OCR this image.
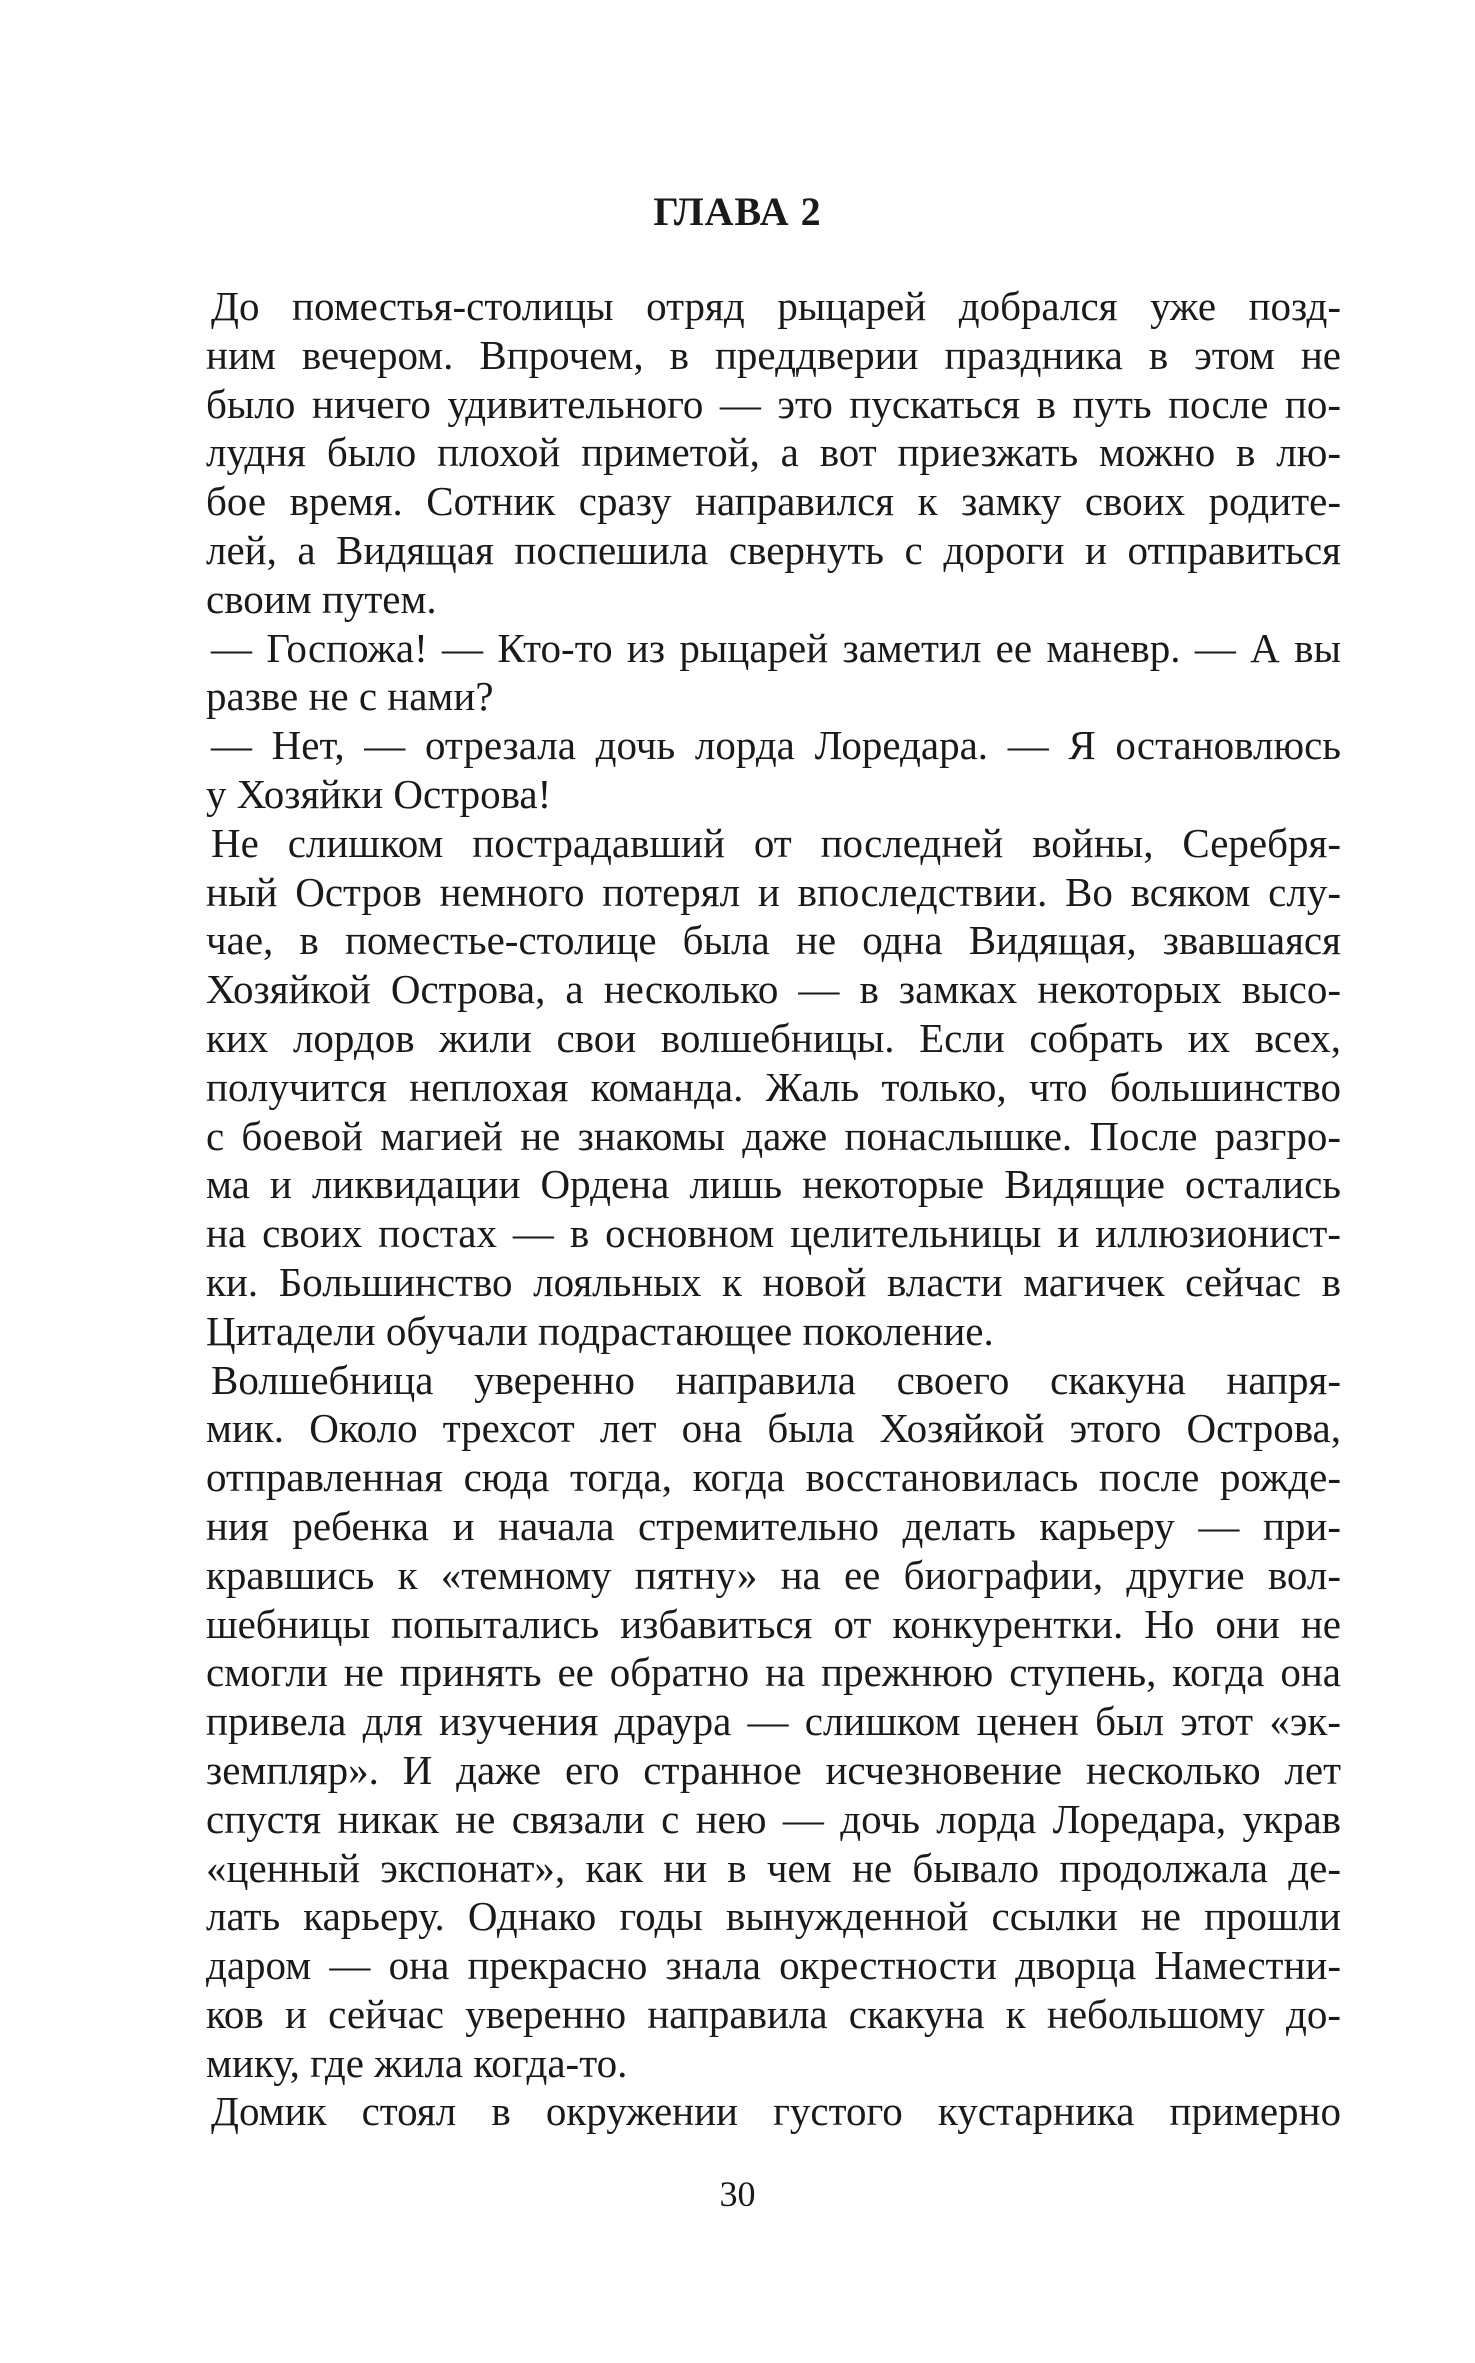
ГЛАВА 2
До поместья-столицы отряд рыцарей добрался уже позд-
ним вечером. Впрочем, в преддверии праздника в этом не
было ничего удивительного — это пускаться в путь после по-
лудня было плохой приметой, а вот приезжать можно в лю-
бое время. Сотник сразу направился к замку своих родите-
лей, а Видящая поспешила свернуть с дороги и отправиться
своим путем.
— Госпожа! — Кто-то из рыцарей заметил ее маневр. — А вы
разве не с нами?
— Нет, — отрезала дочь лорда Лоредара. — Я остановлюсь
у Хозяйки Острова!
Не слишком пострадавший от последней войны, Серебря-
ный Остров немного потерял и впоследствии. Во всяком слу-
чае, в поместье-столице была не одна Видящая, звавшаяся
Хозяйкой Острова, а несколько — в замках некоторых высо-
ких лордов жили свои волшебницы. Если собрать их всех,
получится неплохая команда. Жаль только, что большинство
с боевой магией не знакомы даже понаслышке. После разгро-
ма и ликвидации Ордена лишь некоторые Видящие остались
на своих постах — в основном целительницы и иллюзионист-
ки. Большинство лояльных к новой власти магичек сейчас в
Цитадели обучали подрастающее поколение.
Волшебница уверенно направила своего скакуна напря-
мик. Около трехсот лет она была Хозяйкой этого Острова,
отправленная сюда тогда, когда восстановилась после рожде-
ния ребенка и начала стремительно делать карьеру — при-
кравшись к «темному пятну» на ее биографии, другие вол-
шебницы попытались избавиться от конкурентки. Но они не
смогли не принять ее обратно на прежнюю ступень, когда она
привела для изучения драура — слишком ценен был этот «эк-
земпляр». И даже его странное исчезновение несколько лет
спустя никак не связали с нею — дочь лорда Лоредара, украв
«ценный экспонат», как ни в чем не бывало продолжала де-
лать карьеру. Однако годы вынужденной ссылки не прошли
даром — она прекрасно знала окрестности дворца Наместни-
ков и сейчас уверенно направила скакуна к небольшому до-
мику, где жила когда-то.
Домик стоял в окружении густого кустарника примерно
30
